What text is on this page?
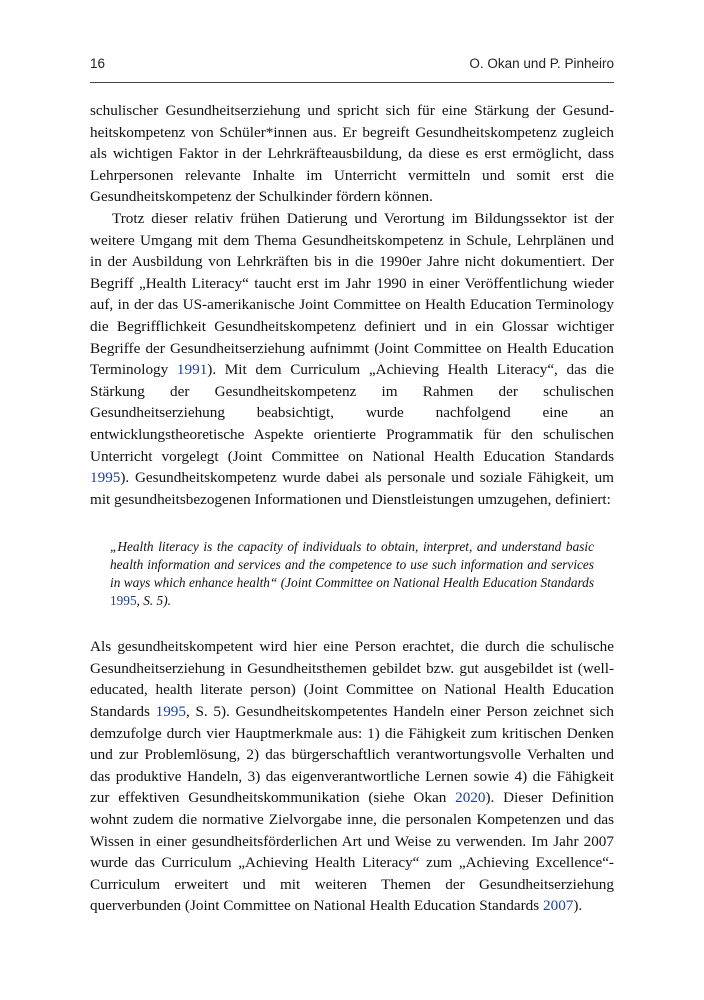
16	O. Okan und P. Pinheiro

schulischer Gesundheitserziehung und spricht sich für eine Stärkung der Gesundheitskompetenz von Schüler*innen aus. Er begreift Gesundheitskompetenz zugleich als wichtigen Faktor in der Lehrkräfteausbildung, da diese es erst ermöglicht, dass Lehrpersonen relevante Inhalte im Unterricht vermitteln und somit erst die Gesundheitskompetenz der Schulkinder fördern können.

Trotz dieser relativ frühen Datierung und Verortung im Bildungssektor ist der weitere Umgang mit dem Thema Gesundheitskompetenz in Schule, Lehrplänen und in der Ausbildung von Lehrkräften bis in die 1990er Jahre nicht dokumentiert. Der Begriff „Health Literacy“ taucht erst im Jahr 1990 in einer Veröffentlichung wieder auf, in der das US-amerikanische Joint Committee on Health Education Terminology die Begrifflichkeit Gesundheitskompetenz definiert und in ein Glossar wichtiger Begriffe der Gesundheitserziehung aufnimmt (Joint Committee on Health Education Terminology 1991). Mit dem Curriculum „Achieving Health Literacy“, das die Stärkung der Gesundheitskompetenz im Rahmen der schulischen Gesundheitserziehung beabsichtigt, wurde nachfolgend eine an entwicklungstheoretische Aspekte orientierte Programmatik für den schulischen Unterricht vorgelegt (Joint Committee on National Health Education Standards 1995). Gesundheitskompetenz wurde dabei als personale und soziale Fähigkeit, um mit gesundheitsbezogenen Informationen und Dienstleistungen umzugehen, definiert:

„Health literacy is the capacity of individuals to obtain, interpret, and understand basic health information and services and the competence to use such information and services in ways which enhance health“ (Joint Committee on National Health Education Standards 1995, S. 5).

Als gesundheitskompetent wird hier eine Person erachtet, die durch die schulische Gesundheitserziehung in Gesundheitsthemen gebildet bzw. gut ausgebildet ist (well-educated, health literate person) (Joint Committee on National Health Education Standards 1995, S. 5). Gesundheitskompetentes Handeln einer Person zeichnet sich demzufolge durch vier Hauptmerkmale aus: 1) die Fähigkeit zum kritischen Denken und zur Problemlösung, 2) das bürgerschaftlich verantwortungsvolle Verhalten und das produktive Handeln, 3) das eigenverantwortliche Lernen sowie 4) die Fähigkeit zur effektiven Gesundheitskommunikation (siehe Okan 2020). Dieser Definition wohnt zudem die normative Zielvorgabe inne, die personalen Kompetenzen und das Wissen in einer gesundheitsförderlichen Art und Weise zu verwenden. Im Jahr 2007 wurde das Curriculum „Achieving Health Literacy“ zum „Achieving Excellence“-Curriculum erweitert und mit weiteren Themen der Gesundheitserziehung querverbunden (Joint Committee on National Health Education Standards 2007).
